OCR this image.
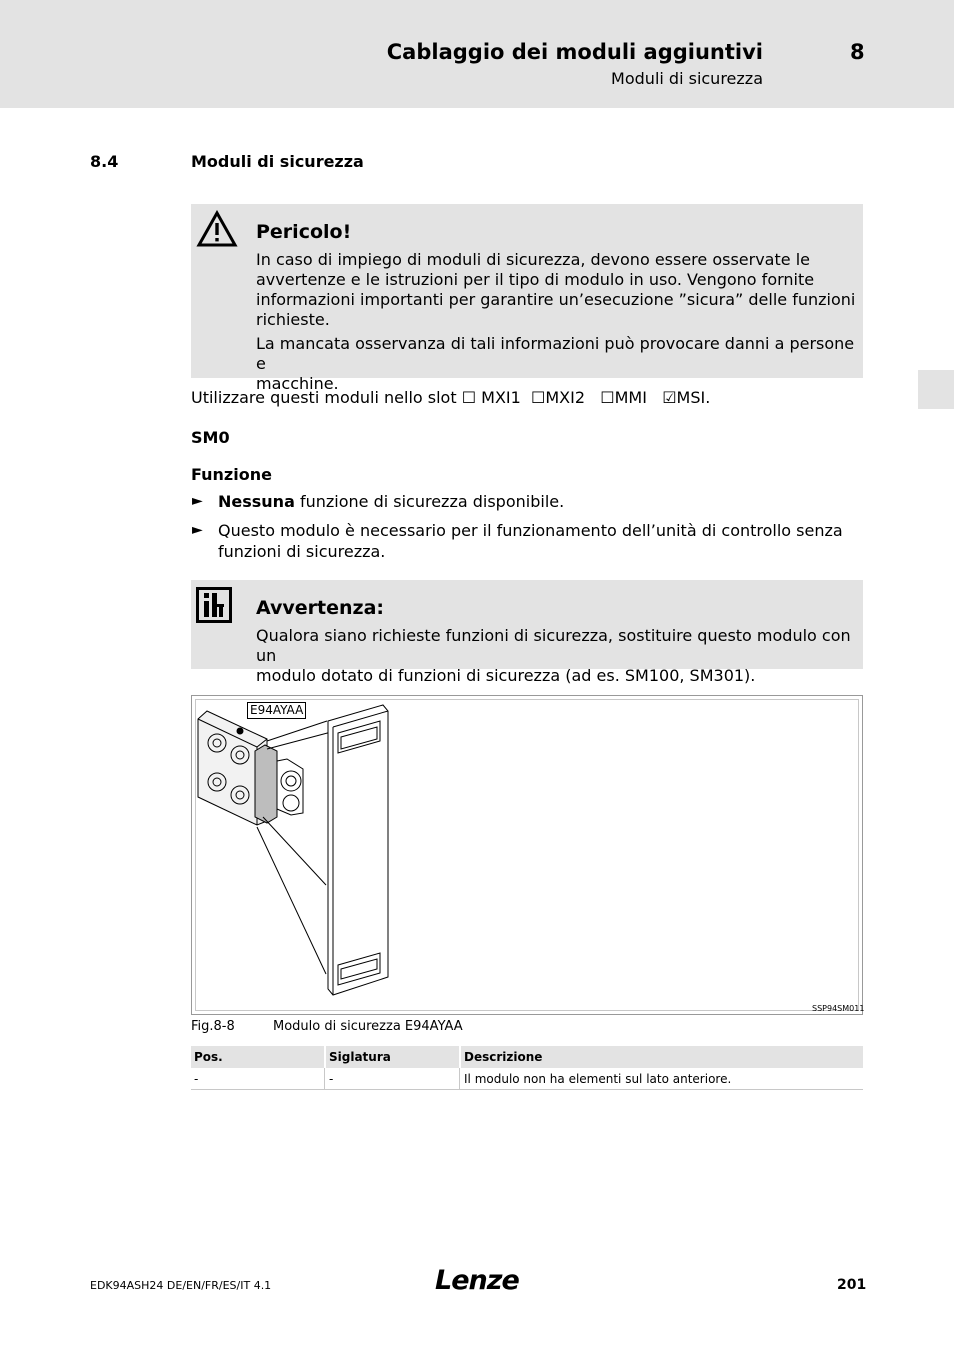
Cablaggio dei moduli aggiuntivi	8
Moduli di sicurezza
8.4	Moduli di sicurezza
Pericolo!
In caso di impiego di moduli di sicurezza, devono essere osservate le
avvertenze e le istruzioni per il tipo di modulo in uso. Vengono fornite
informazioni importanti per garantire un’esecuzione ”sicura” delle funzioni
richieste.
La mancata osservanza di tali informazioni può provocare danni a persone e
macchine.
Utilizzare questi moduli nello slot ☐ MXI1 ☐MXI2 ☐MMI ☑MSI.
SM0
Funzione
► Nessuna funzione di sicurezza disponibile.
► Questo modulo è necessario per il funzionamento dell’unità di controllo senza
funzioni di sicurezza.
Avvertenza:
Qualora siano richieste funzioni di sicurezza, sostituire questo modulo con un
modulo dotato di funzioni di sicurezza (ad es. SM100, SM301).
E94AYAA
SSP94SM011
Fig.8-8	Modulo di sicurezza E94AYAA
Pos.	Siglatura	Descrizione
-	-	Il modulo non ha elementi sul lato anteriore.
EDK94ASH24 DE/EN/FR/ES/IT 4.1	Lenze	201
